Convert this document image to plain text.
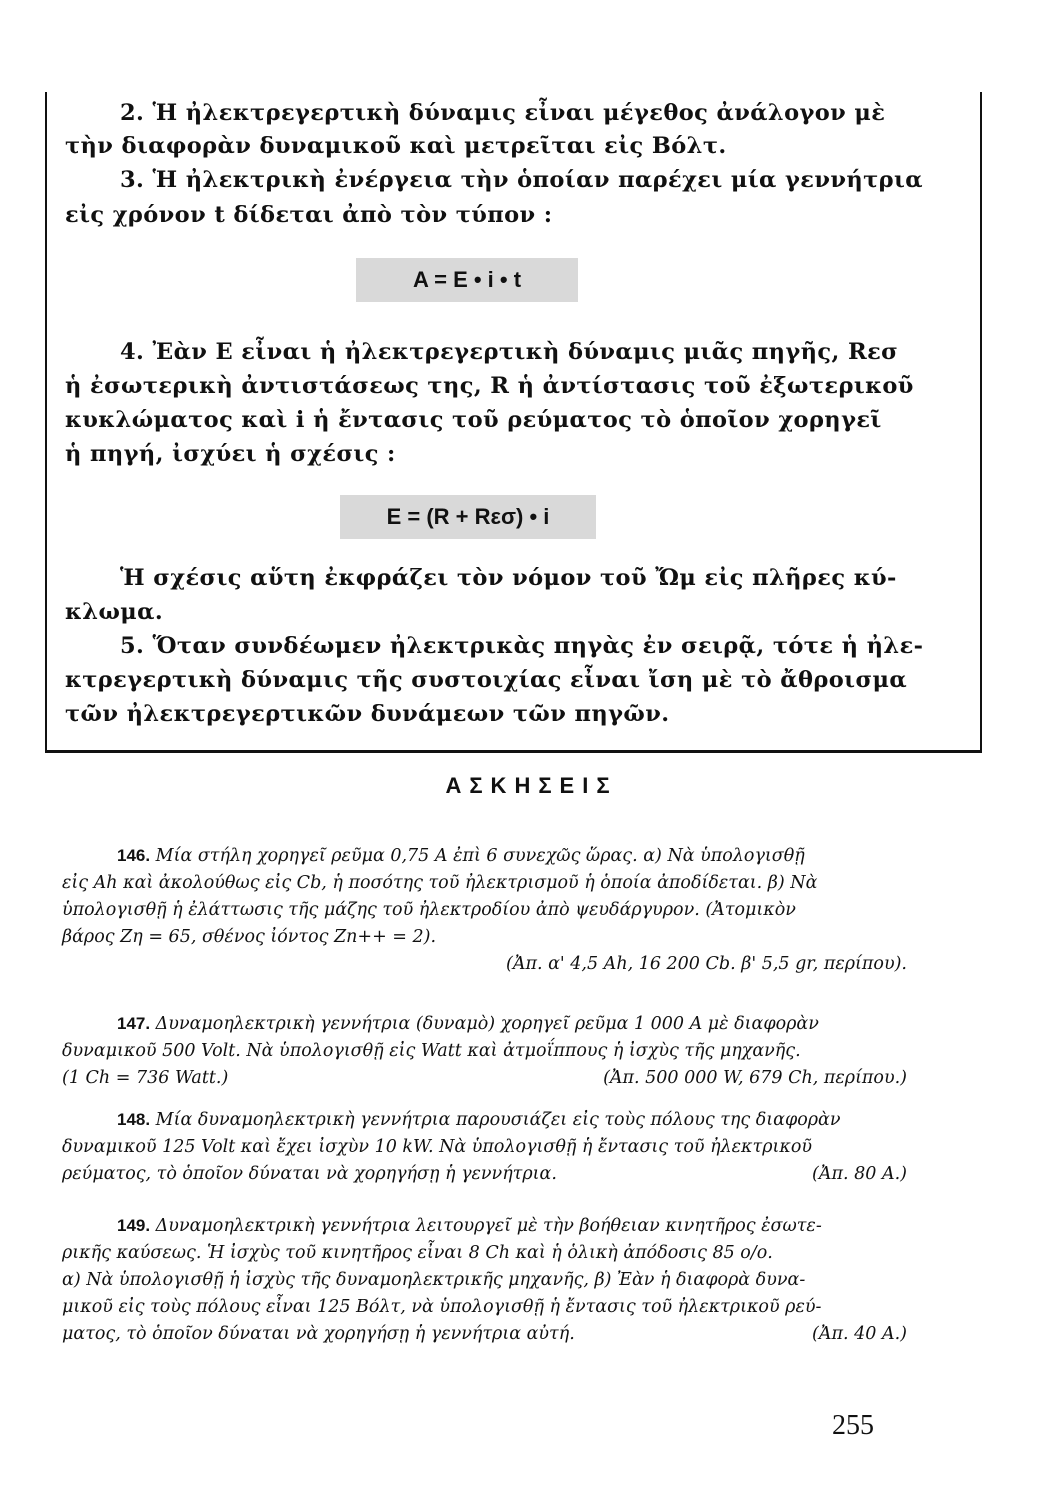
2. Ἡ ἠλεκτρεγερτικὴ δύναμις εἶναι μέγεθος ἀνάλογον μὲ
τὴν διαφορὰν δυναμικοῦ καὶ μετρεῖται εἰς Βόλτ.
3. Ἡ ἠλεκτρικὴ ἐνέργεια τὴν ὁποίαν παρέχει μία γεννήτρια
εἰς χρόνον t δίδεται ἀπὸ τὸν τύπον :
A = E • i • t
4. Ἐὰν Ε εἶναι ἡ ἠλεκτρεγερτικὴ δύναμις μιᾶς πηγῆς, Rεσ
ἡ ἐσωτερικὴ ἀντιστάσεως της, R ἡ ἀντίστασις τοῦ ἐξωτερικοῦ
κυκλώματος καὶ i ἡ ἔντασις τοῦ ρεύματος τὸ ὁποῖον χορηγεῖ
ἡ πηγή, ἰσχύει ἡ σχέσις :
E = (R + Rεσ) • i
Ἡ σχέσις αὕτη ἐκφράζει τὸν νόμον τοῦ Ὤμ εἰς πλῆρες κύ-
κλωμα.
5. Ὅταν συνδέωμεν ἠλεκτρικὰς πηγὰς ἐν σειρᾷ, τότε ἡ ἠλε-
κτρεγερτικὴ δύναμις τῆς συστοιχίας εἶναι ἴση μὲ τὸ ἄθροισμα
τῶν ἠλεκτρεγερτικῶν δυνάμεων τῶν πηγῶν.
ΑΣΚΗΣΕΙΣ
146. Μία στήλη χορηγεῖ ρεῦμα 0,75 Α ἐπὶ 6 συνεχῶς ὥρας. α) Νὰ ὑπολογισθῇ
εἰς Ah καὶ ἀκολούθως εἰς Cb, ἡ ποσότης τοῦ ἠλεκτρισμοῦ ἡ ὁποία ἀποδίδεται. β) Νὰ
ὑπολογισθῇ ἡ ἐλάττωσις τῆς μάζης τοῦ ἠλεκτροδίου ἀπὸ ψευδάργυρον. (Ἀτομικὸν
βάρος Ζη = 65, σθένος ἰόντος Zn++ = 2).
(Ἀπ. α' 4,5 Ah, 16 200 Cb. β' 5,5 gr, περίπου).
147. Δυναμοηλεκτρικὴ γεννήτρια (δυναμὸ) χορηγεῖ ρεῦμα 1 000 Α μὲ διαφορὰν
δυναμικοῦ 500 Volt. Νὰ ὑπολογισθῇ εἰς Watt καὶ ἀτμοΐππους ἡ ἰσχὺς τῆς μηχανῆς.
(1 Ch = 736 Watt.)	(Ἀπ. 500 000 W, 679 Ch, περίπου.)
148. Μία δυναμοηλεκτρικὴ γεννήτρια παρουσιάζει εἰς τοὺς πόλους της διαφορὰν
δυναμικοῦ 125 Volt καὶ ἔχει ἰσχὺν 10 kW. Νὰ ὑπολογισθῇ ἡ ἔντασις τοῦ ἠλεκτρικοῦ
ρεύματος, τὸ ὁποῖον δύναται νὰ χορηγήσῃ ἡ γεννήτρια.	(Ἀπ. 80 Α.)
149. Δυναμοηλεκτρικὴ γεννήτρια λειτουργεῖ μὲ τὴν βοήθειαν κινητῆρος ἐσωτε-
ρικῆς καύσεως. Ἡ ἰσχὺς τοῦ κινητῆρος εἶναι 8 Ch καὶ ἡ ὁλικὴ ἀπόδοσις 85 ο/ο.
α) Νὰ ὑπολογισθῇ ἡ ἰσχὺς τῆς δυναμοηλεκτρικῆς μηχανῆς, β) Ἐὰν ἡ διαφορὰ δυνα-
μικοῦ εἰς τοὺς πόλους εἶναι 125 Βόλτ, νὰ ὑπολογισθῇ ἡ ἔντασις τοῦ ἠλεκτρικοῦ ρεύ-
ματος, τὸ ὁποῖον δύναται νὰ χορηγήσῃ ἡ γεννήτρια αὐτή.	(Ἀπ. 40 Α.)
255
